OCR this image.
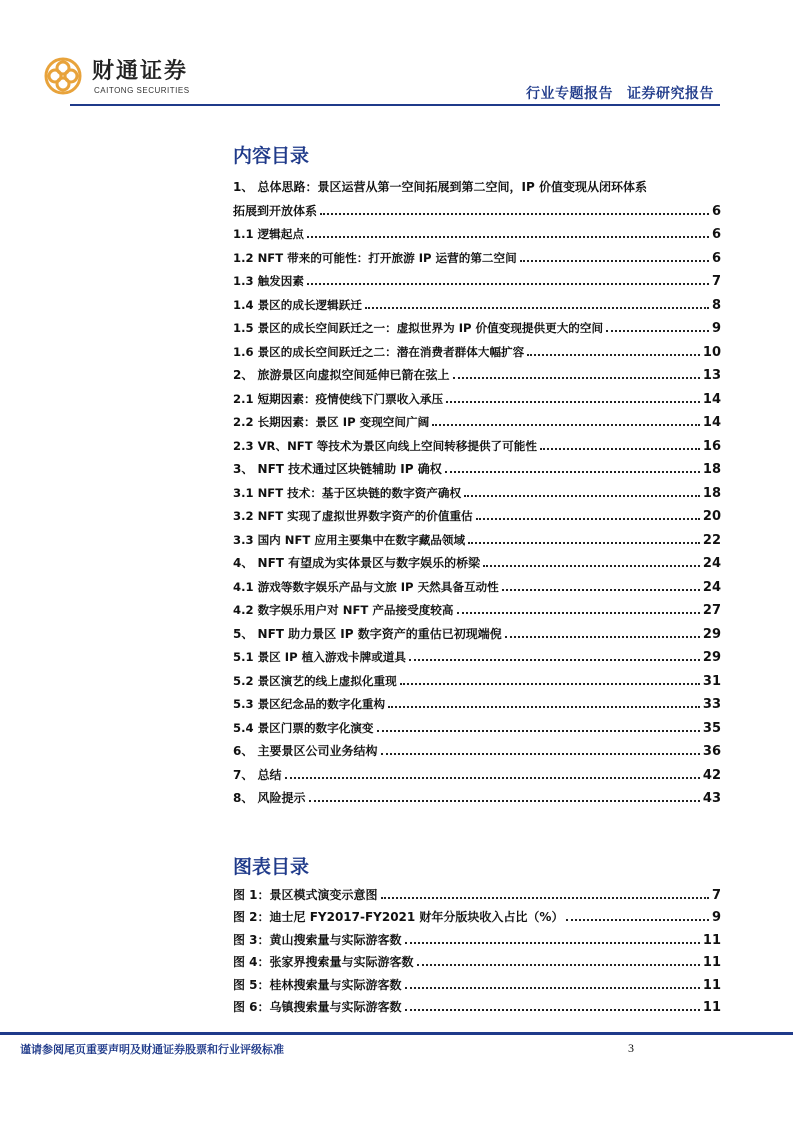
财通证券
CAITONG SECURITIES	行业专题报告 证券研究报告
内容目录
1、 总体思路：景区运营从第一空间拓展到第二空间，IP 价值变现从闭环体系
拓展到开放体系	6
1.1 逻辑起点	6
1.2 NFT 带来的可能性：打开旅游 IP 运营的第二空间	6
1.3 触发因素	7
1.4 景区的成长逻辑跃迁	8
1.5 景区的成长空间跃迁之一：虚拟世界为 IP 价值变现提供更大的空间	9
1.6 景区的成长空间跃迁之二：潜在消费者群体大幅扩容	10
2、 旅游景区向虚拟空间延伸已箭在弦上	13
2.1 短期因素：疫情使线下门票收入承压	14
2.2 长期因素：景区 IP 变现空间广阔	14
2.3 VR、NFT 等技术为景区向线上空间转移提供了可能性	16
3、 NFT 技术通过区块链辅助 IP 确权	18
3.1 NFT 技术：基于区块链的数字资产确权	18
3.2 NFT 实现了虚拟世界数字资产的价值重估	20
3.3 国内 NFT 应用主要集中在数字藏品领域	22
4、 NFT 有望成为实体景区与数字娱乐的桥梁	24
4.1 游戏等数字娱乐产品与文旅 IP 天然具备互动性	24
4.2 数字娱乐用户对 NFT 产品接受度较高	27
5、 NFT 助力景区 IP 数字资产的重估已初现端倪	29
5.1 景区 IP 植入游戏卡牌或道具	29
5.2 景区演艺的线上虚拟化重现	31
5.3 景区纪念品的数字化重构	33
5.4 景区门票的数字化演变	35
6、 主要景区公司业务结构	36
7、 总结	42
8、 风险提示	43
图表目录
图 1：景区模式演变示意图	7
图 2：迪士尼 FY2017-FY2021 财年分版块收入占比（%）	9
图 3：黄山搜索量与实际游客数	11
图 4：张家界搜索量与实际游客数	11
图 5：桂林搜索量与实际游客数	11
图 6：乌镇搜索量与实际游客数	11
谨请参阅尾页重要声明及财通证券股票和行业评级标准	3
